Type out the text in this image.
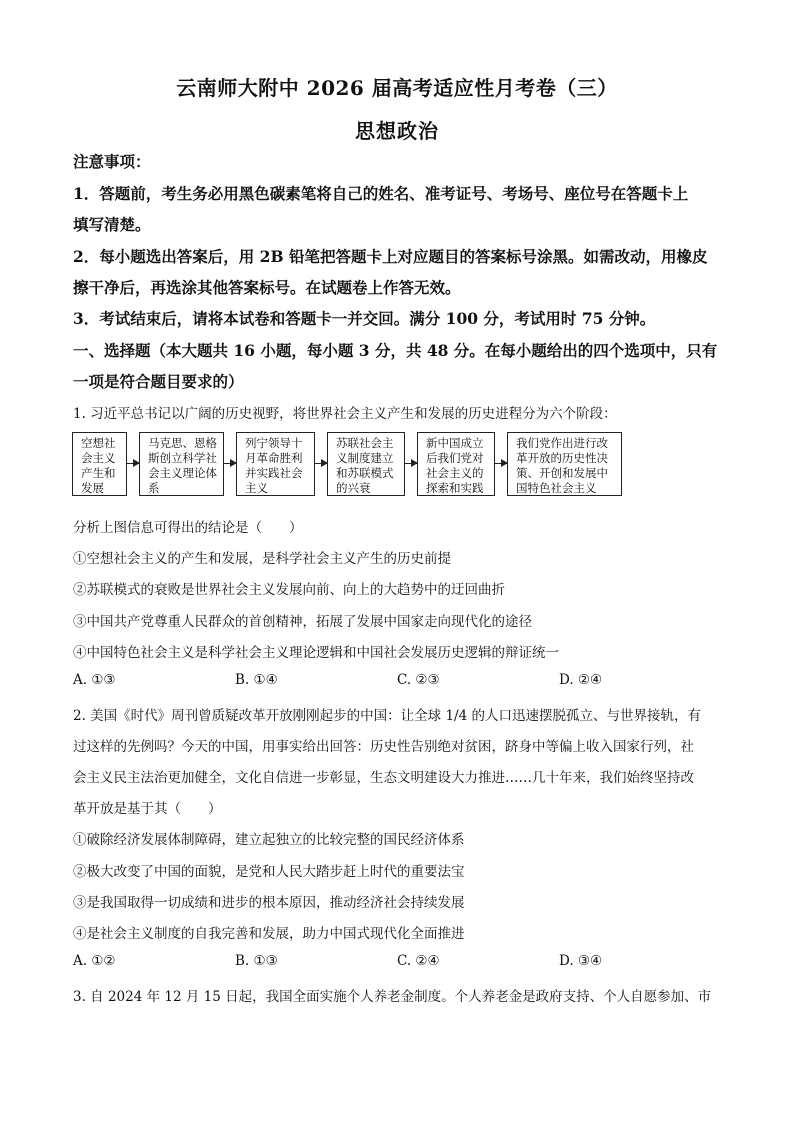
云南师大附中 2026 届高考适应性月考卷（三）
思想政治
注意事项：
1．答题前，考生务必用黑色碳素笔将自己的姓名、准考证号、考场号、座位号在答题卡上
填写清楚。
2．每小题选出答案后，用 2B 铅笔把答题卡上对应题目的答案标号涂黑。如需改动，用橡皮
擦干净后，再选涂其他答案标号。在试题卷上作答无效。
3．考试结束后，请将本试卷和答题卡一并交回。满分 100 分，考试用时 75 分钟。
一、选择题（本大题共 16 小题，每小题 3 分，共 48 分。在每小题给出的四个选项中，只有
一项是符合题目要求的）
1. 习近平总书记以广阔的历史视野，将世界社会主义产生和发展的历史进程分为六个阶段：
空想社会主义产生和发展
马克思、恩格斯创立科学社会主义理论体系
列宁领导十月革命胜利并实践社会主义
苏联社会主义制度建立和苏联模式的兴衰
新中国成立后我们党对社会主义的探索和实践
我们党作出进行改革开放的历史性决策、开创和发展中国特色社会主义
分析上图信息可得出的结论是（　　）
①空想社会主义的产生和发展，是科学社会主义产生的历史前提
②苏联模式的衰败是世界社会主义发展向前、向上的大趋势中的迂回曲折
③中国共产党尊重人民群众的首创精神，拓展了发展中国家走向现代化的途径
④中国特色社会主义是科学社会主义理论逻辑和中国社会发展历史逻辑的辩证统一
A. ①③	B. ①④	C. ②③	D. ②④
2. 美国《时代》周刊曾质疑改革开放刚刚起步的中国：让全球 1/4 的人口迅速摆脱孤立、与世界接轨，有
过这样的先例吗？今天的中国，用事实给出回答：历史性告别绝对贫困，跻身中等偏上收入国家行列，社
会主义民主法治更加健全，文化自信进一步彰显，生态文明建设大力推进……几十年来，我们始终坚持改
革开放是基于其（　　）
①破除经济发展体制障碍，建立起独立的比较完整的国民经济体系
②极大改变了中国的面貌，是党和人民大踏步赶上时代的重要法宝
③是我国取得一切成绩和进步的根本原因，推动经济社会持续发展
④是社会主义制度的自我完善和发展，助力中国式现代化全面推进
A. ①②	B. ①③	C. ②④	D. ③④
3. 自 2024 年 12 月 15 日起，我国全面实施个人养老金制度。个人养老金是政府支持、个人自愿参加、市
